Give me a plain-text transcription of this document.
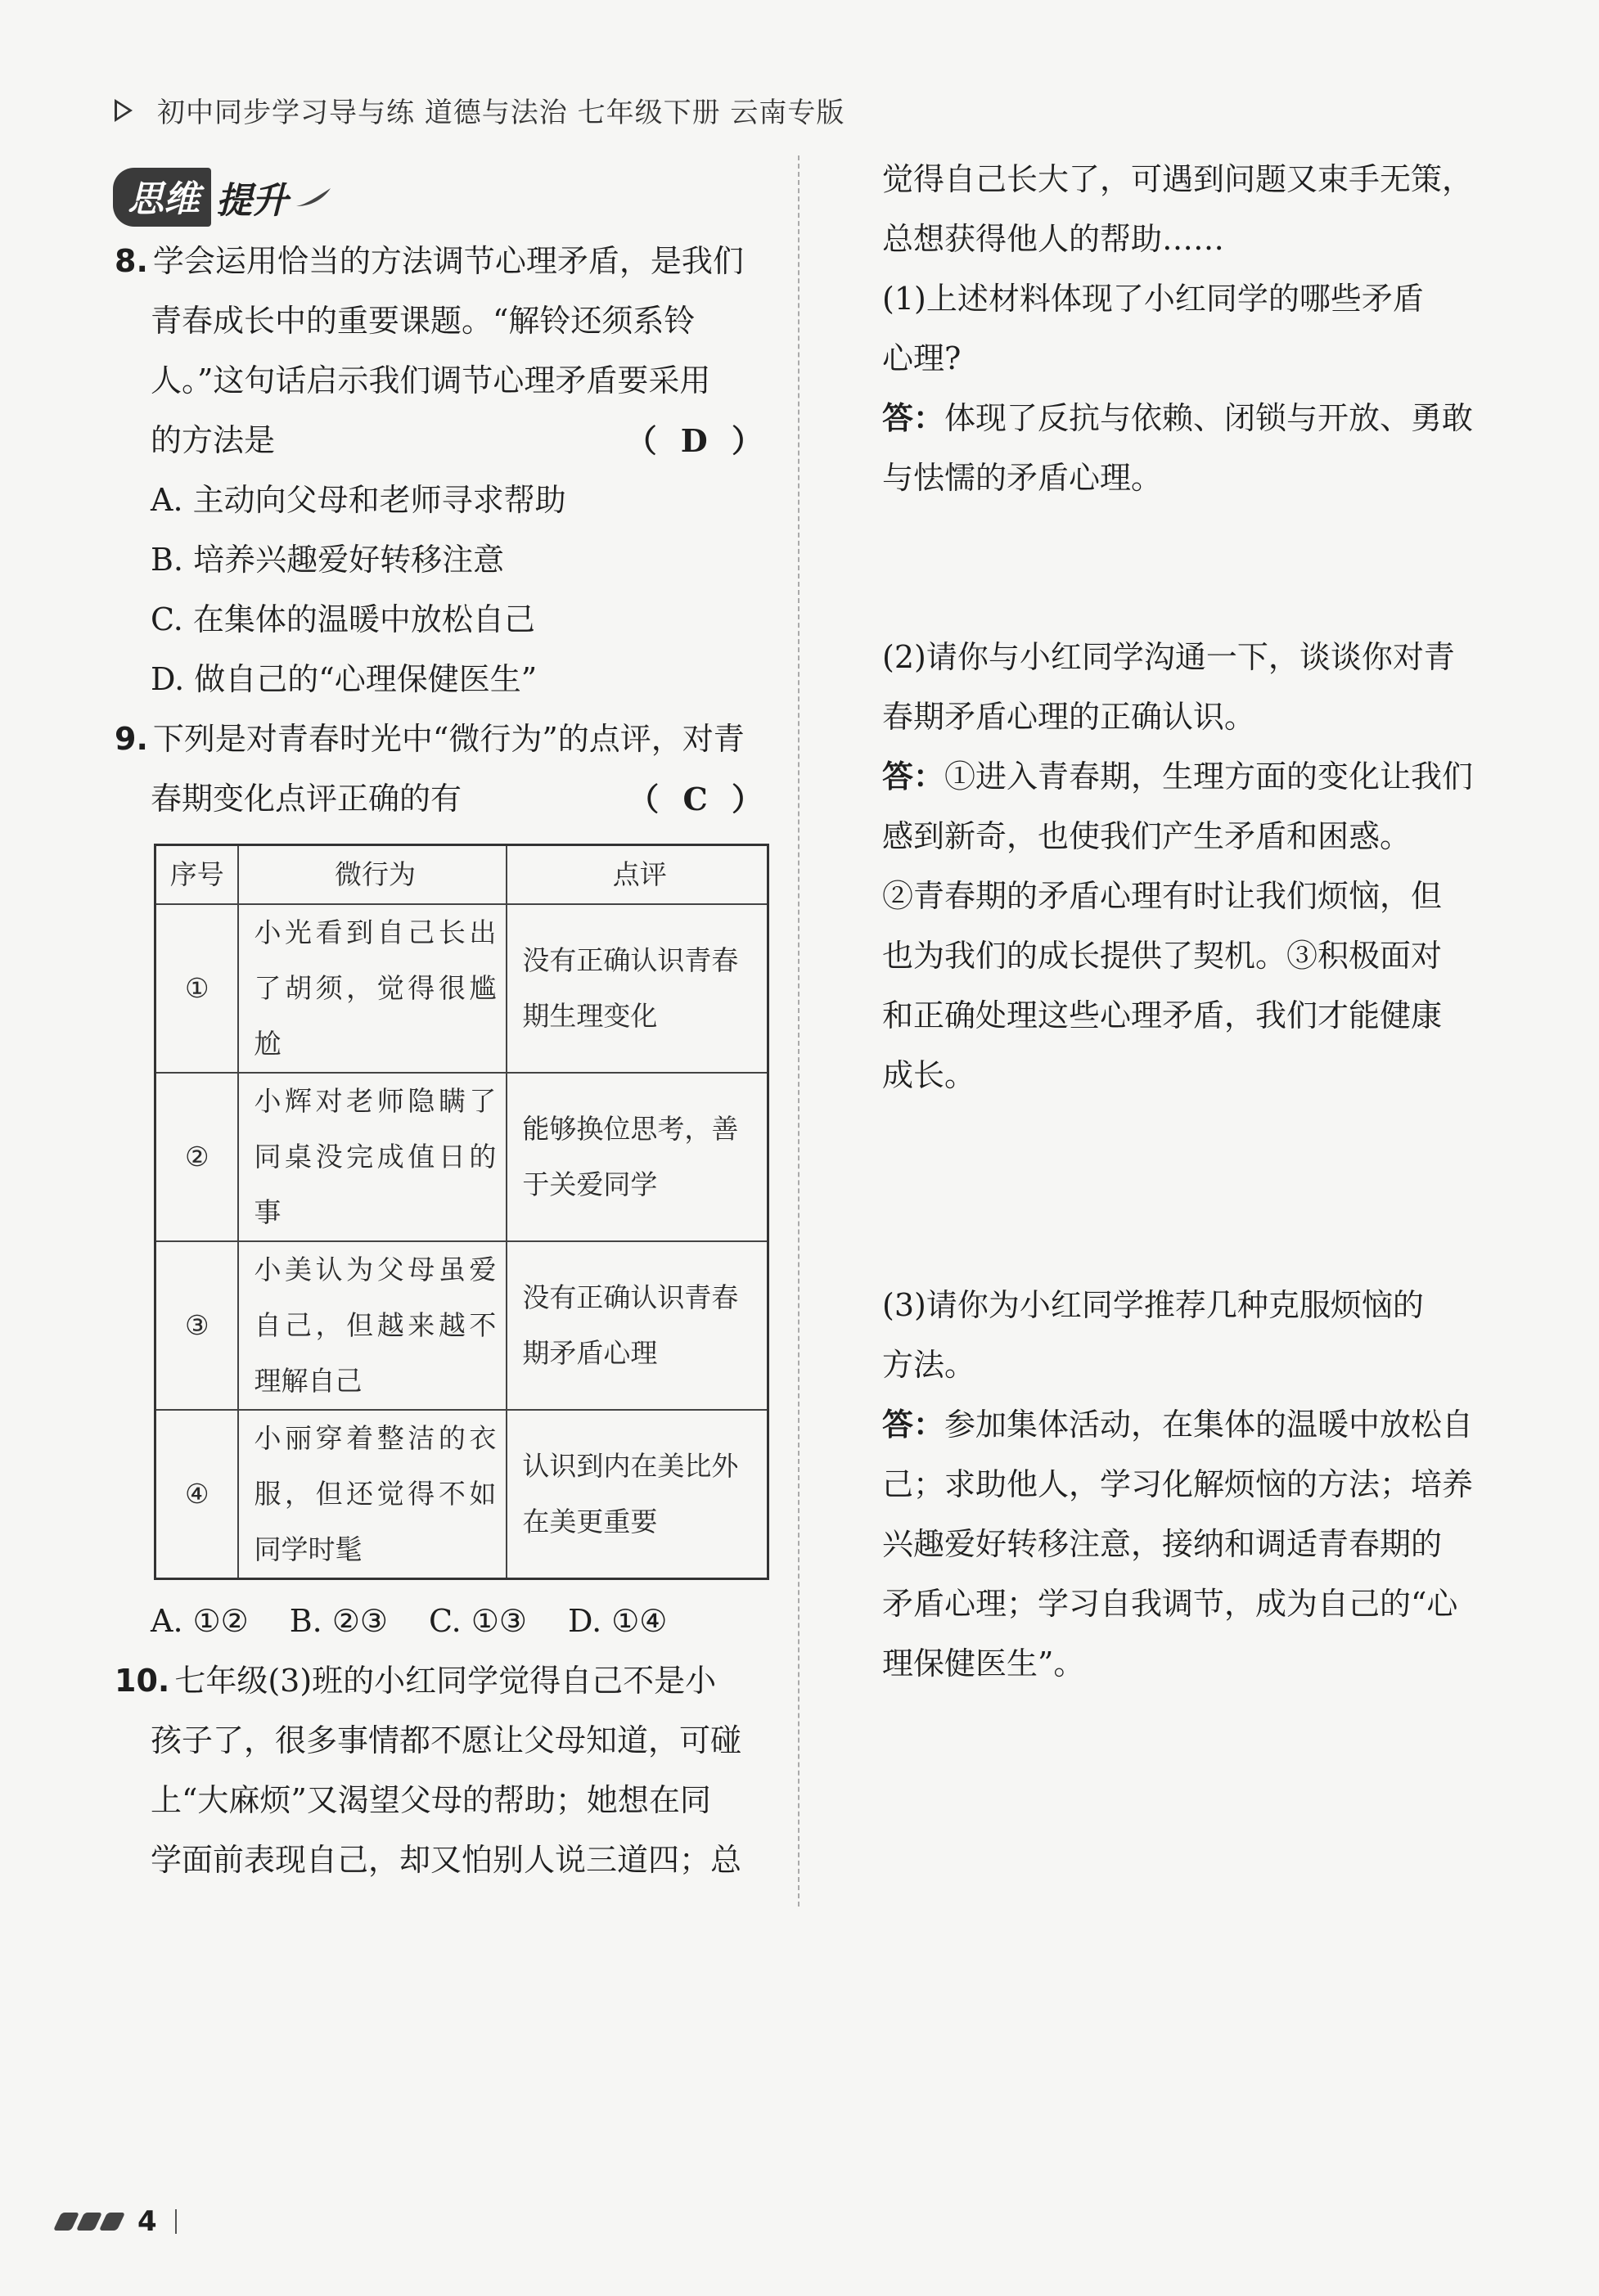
初中同步学习导与练 道德与法治 七年级下册 云南专版
思维 提升
8. 学会运用恰当的方法调节心理矛盾，是我们
青春成长中的重要课题。“解铃还须系铃
人。”这句话启示我们调节心理矛盾要采用
的方法是	（ D ）
A. 主动向父母和老师寻求帮助
B. 培养兴趣爱好转移注意
C. 在集体的温暖中放松自己
D. 做自己的“心理保健医生”
9. 下列是对青春时光中“微行为”的点评，对青
春期变化点评正确的有	（ C ）
序号	微行为	点评
①	小光看到自己长出了胡须，觉得很尴尬	没有正确认识青春期生理变化
②	小辉对老师隐瞒了同桌没完成值日的事	能够换位思考，善于关爱同学
③	小美认为父母虽爱自己，但越来越不理解自己	没有正确认识青春期矛盾心理
④	小丽穿着整洁的衣服，但还觉得不如同学时髦	认识到内在美比外在美更重要
A. ①② B. ②③ C. ①③ D. ①④
10. 七年级(3)班的小红同学觉得自己不是小
孩子了，很多事情都不愿让父母知道，可碰
上“大麻烦”又渴望父母的帮助；她想在同
学面前表现自己，却又怕别人说三道四；总
觉得自己长大了，可遇到问题又束手无策，
总想获得他人的帮助……
(1)上述材料体现了小红同学的哪些矛盾
心理?
答：体现了反抗与依赖、闭锁与开放、勇敢
与怯懦的矛盾心理。
(2)请你与小红同学沟通一下，谈谈你对青
春期矛盾心理的正确认识。
答：①进入青春期，生理方面的变化让我们
感到新奇，也使我们产生矛盾和困惑。
②青春期的矛盾心理有时让我们烦恼，但
也为我们的成长提供了契机。③积极面对
和正确处理这些心理矛盾，我们才能健康
成长。
(3)请你为小红同学推荐几种克服烦恼的
方法。
答：参加集体活动，在集体的温暖中放松自
己；求助他人，学习化解烦恼的方法；培养
兴趣爱好转移注意，接纳和调适青春期的
矛盾心理；学习自我调节，成为自己的“心
理保健医生”。
4
